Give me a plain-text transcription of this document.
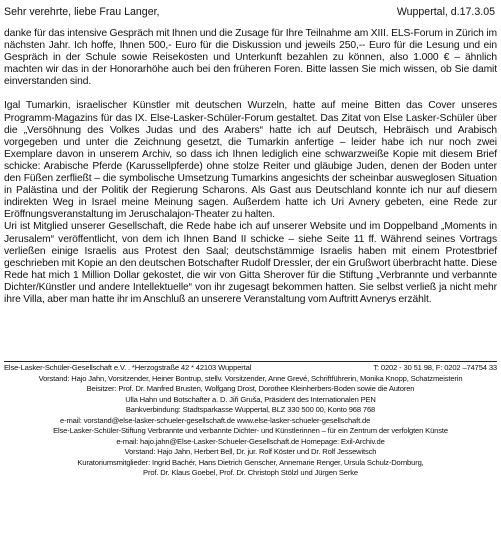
Sehr verehrte, liebe Frau Langer,	Wuppertal, d.17.3.05

danke für das intensive Gespräch mit Ihnen und die Zusage für Ihre Teilnahme am XIII. ELS-Forum in Zürich im nächsten Jahr. Ich hoffe, Ihnen 500,- Euro für die Diskussion und jeweils 250,-- Euro für die Lesung und ein Gespräch in der Schule sowie Reisekosten und Unterkunft bezahlen zu können, also 1.000 € – ähnlich machten wir das in der Honorarhöhe auch bei den früheren Foren. Bitte lassen Sie mich wissen, ob Sie damit einverstanden sind.

Igal Tumarkin, israelischer Künstler mit deutschen Wurzeln, hatte auf meine Bitten das Cover unseres Programm-Magazins für das IX. Else-Lasker-Schüler-Forum gestaltet. Das Zitat von Else Lasker-Schüler über die „Versöhnung des Volkes Judas und des Arabers“ hatte ich auf Deutsch, Hebräisch und Arabisch vorgegeben und unter die Zeichnung gesetzt, die Tumarkin anfertige – leider habe ich nur noch zwei Exemplare davon in unserem Archiv, so dass ich Ihnen lediglich eine schwarzweiße Kopie mit diesem Brief schicke: Arabische Pferde (Karussellpferde) ohne stolze Reiter und gläubige Juden, denen der Boden unter den Füßen zerfließt – die symbolische Umsetzung Tumarkins angesichts der scheinbar ausweglosen Situation in Palästina und der Politik der Regierung Scharons. Als Gast aus Deutschland konnte ich nur auf diesem indirekten Weg in Israel meine Meinung sagen. Außerdem hatte ich Uri Avnery gebeten, eine Rede zur Eröffnungsveranstaltung im Jeruschalajon-Theater zu halten.

Uri ist Mitglied unserer Gesellschaft, die Rede habe ich auf unserer Website und im Doppelband „Moments in Jerusalem“ veröffentlicht, von dem ich Ihnen Band II schicke – siehe Seite 11 ff. Während seines Vortrags verließen einige Israelis aus Protest den Saal; deutschstämmige Israelis haben mit einem Protestbrief geschrieben mit Kopie an den deutschen Botschafter Rudolf Dressler, der ein Grußwort überbracht hatte. Diese Rede hat mich 1 Million Dollar gekostet, die wir von Gitta Sherover für die Stiftung „Verbrannte und verbannte Dichter/Künstler und andere Intellektuelle“ von ihr zugesagt bekommen hatten. Sie selbst verließ ja nicht mehr ihre Villa, aber man hatte ihr im Anschluß an unserere Veranstaltung vom Auftritt Avnerys erzählt.

Else-Lasker-Schüler-Gesellschaft e.V. . *Herzogstraße 42 * 42103 Wuppertal	T: 0202 - 30 51 98, F: 0202 –74754 33
Vorstand: Hajo Jahn, Vorsitzender, Heiner Bontrup, stellv. Vorsitzender, Anne Grevé, Schriftführerin, Monika Knopp, Schatzmeisterin
Beisitzer: Prof. Dr. Manfred Brusten, Wolfgang Drost, Dorothee Kleinherbers-Boden sowie die Autoren
Ulla Hahn und Botschafter a. D. Jiři Gruša, Präsident des Internationalen PEN
Bankverbindung: Stadtsparkasse Wuppertal, BLZ 330 500 00, Konto 968 768
e-mail: vorstand@else-lasker-schueler-gesellschaft.de www.else-lasker-schueler-gesellschaft.de
Else-Lasker-Schüler-Stiftung Verbrannte und verbannte Dichter- und Künstlerinnen – für ein Zentrum der verfolgten Künste
e-mail: hajo.jahn@Else-Lasker-Schueler-Gesellschaft.de Homepage: Exil-Archiv.de
Vorstand: Hajo Jahn, Herbert Bell, Dr. jur. Rolf Köster und Dr. Rolf Jessewitsch
Kuratoriumsmitglieder: Ingrid Bachér, Hans Dietrich Genscher, Annemarie Renger, Ursula Schulz-Dornburg,
Prof. Dr. Klaus Goebel, Prof. Dr. Christoph Stölzl und Jürgen Serke
